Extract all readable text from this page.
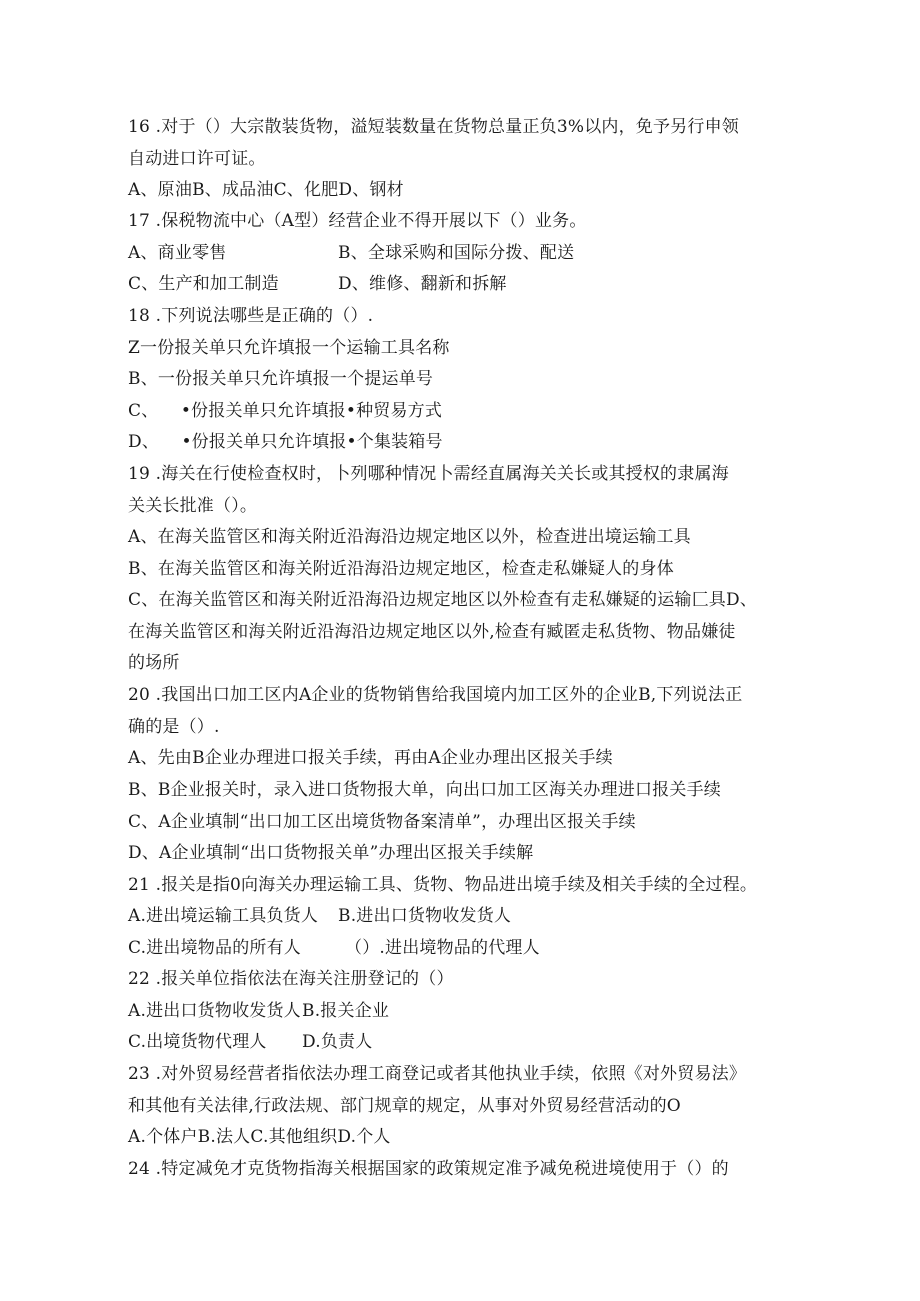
16 .对于（）大宗散装货物，溢短装数量在货物总量正负3%以内，免予另行申领
自动进口许可证。
A、原油B、成品油C、化肥D、钢材
17 .保税物流中心（A型）经营企业不得开展以下（）业务。
A、商业零售	B、全球采购和国际分拨、配送
C、生产和加工制造	D、维修、翻新和拆解
18 .下列说法哪些是正确的（）.
Z一份报关单只允许填报一个运输工具名称
B、一份报关单只允许填报一个提运单号
C、    •份报关单只允许填报•种贸易方式
D、    •份报关单只允许填报•个集装箱号
19 .海关在行使检查权时，卜列哪种情况卜需经直属海关关长或其授权的隶属海
关关长批准（）。
A、在海关监管区和海关附近沿海沿边规定地区以外，检查进出境运输工具
B、在海关监管区和海关附近沿海沿边规定地区，检查走私嫌疑人的身体
C、在海关监管区和海关附近沿海沿边规定地区以外检查有走私嫌疑的运输匚具D、
在海关监管区和海关附近沿海沿边规定地区以外,检查有臧匿走私货物、物品嫌徒
的场所
20 .我国出口加工区内A企业的货物销售给我国境内加工区外的企业B,下列说法正
确的是（）.
A、先由B企业办理进口报关手续，再由A企业办理出区报关手续
B、B企业报关时，录入进口货物报大单，向出口加工区海关办理进口报关手续
C、A企业填制“出口加工区出境货物备案清单”，办理出区报关手续
D、A企业填制“出口货物报关单”办理出区报关手续解
21 .报关是指0向海关办理运输工具、货物、物品进出境手续及相关手续的全过程。
A.进出境运输工具负货人 B.进出口货物收发货人
C.进出境物品的所有人	（）.进出境物品的代理人
22 .报关单位指依法在海关注册登记的（）
A.进出口货物收发货人 B.报关企业
C.出境货物代理人 D.负责人
23 .对外贸易经营者指依法办理工商登记或者其他执业手续，依照《对外贸易法》
和其他有关法律,行政法规、部门规章的规定，从事对外贸易经营活动的O
A.个体户B.法人C.其他组织D.个人
24 .特定减免才克货物指海关根据国家的政策规定准予减免税进境使用于（）的
